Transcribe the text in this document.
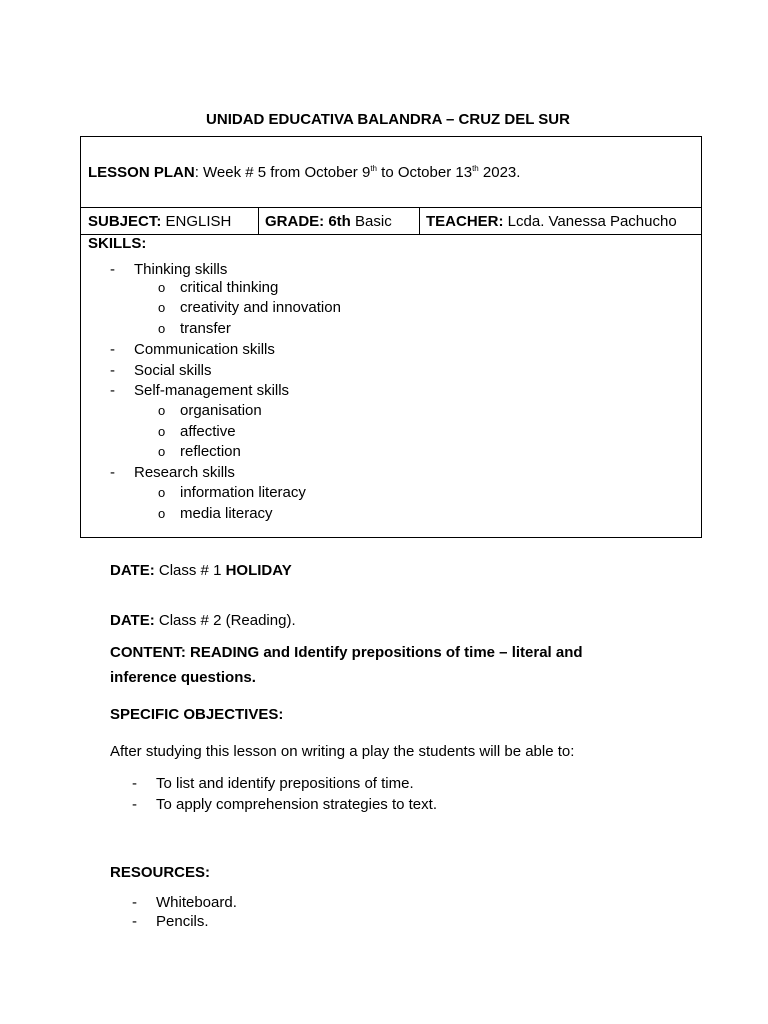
UNIDAD EDUCATIVA BALANDRA – CRUZ DEL SUR
LESSON PLAN: Week # 5 from October 9th to October 13th 2023.
SUBJECT: ENGLISH GRADE: 6th Basic TEACHER: Lcda. Vanessa Pachucho
SKILLS:
-	Thinking skills
o critical thinking
o creativity and innovation
o transfer
-	Communication skills
-	Social skills
-	Self-management skills
o organisation
o affective
o reflection
-	Research skills
o information literacy
o media literacy
DATE: Class # 1 HOLIDAY
DATE: Class # 2 (Reading).
CONTENT: READING and Identify prepositions of time – literal and
inference questions.
SPECIFIC OBJECTIVES:
After studying this lesson on writing a play the students will be able to:
- To list and identify prepositions of time.
- To apply comprehension strategies to text.
RESOURCES:
- Whiteboard.
- Pencils.
